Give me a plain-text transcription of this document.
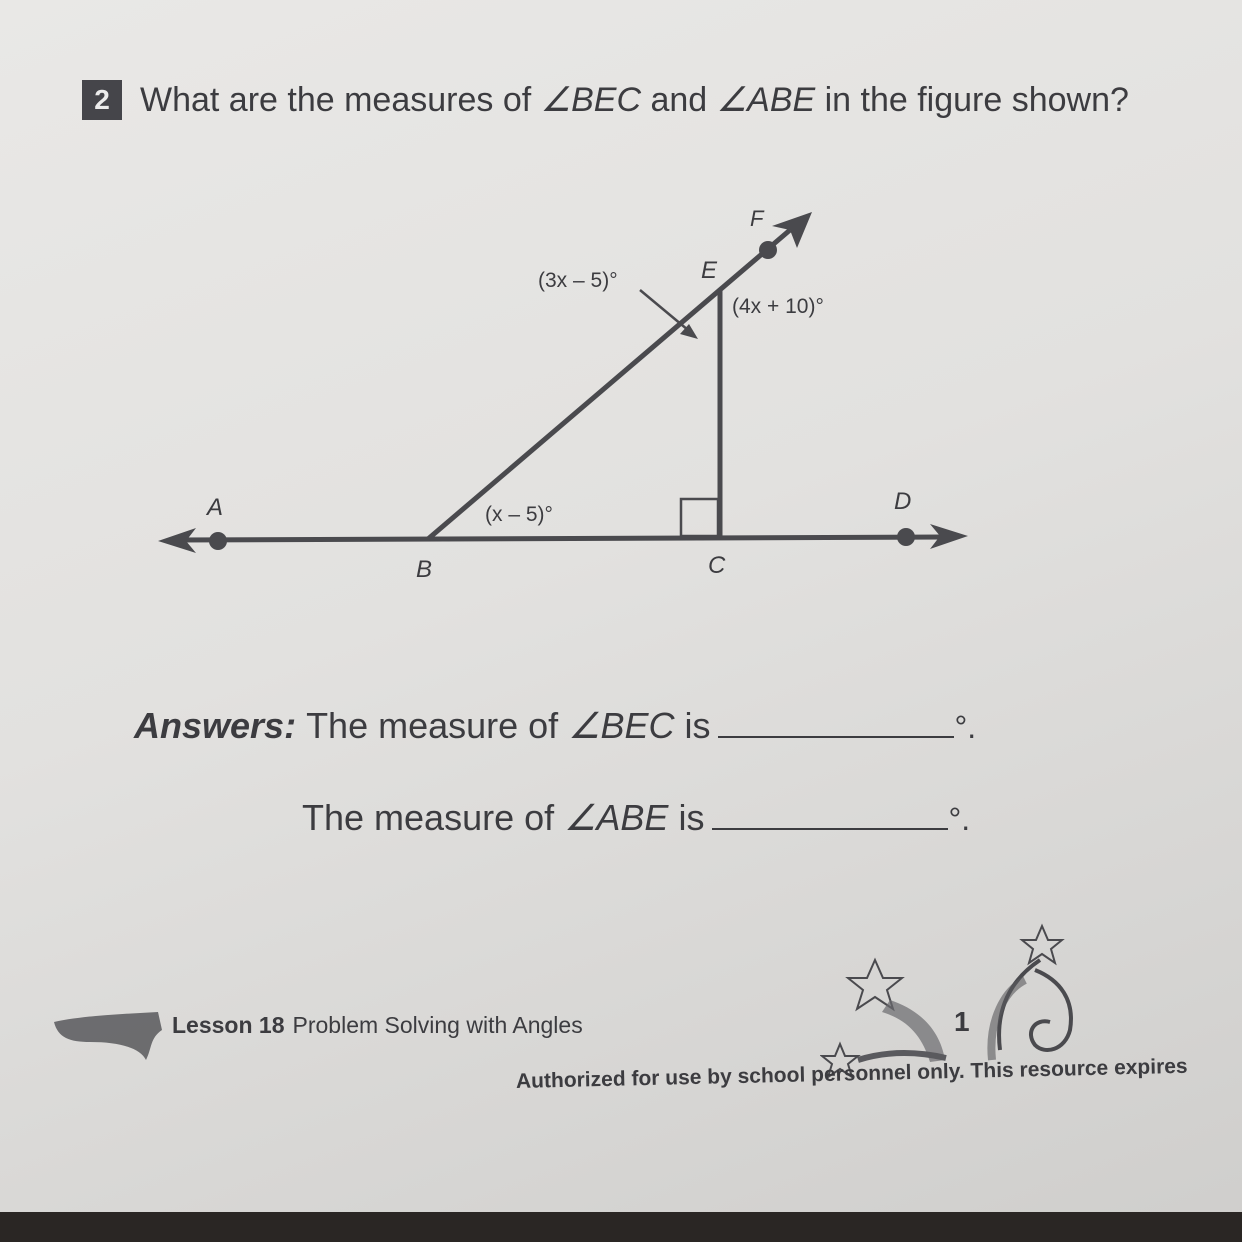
2 What are the measures of ∠BEC and ∠ABE in the figure shown?
A
B	C
D
E
F
(3x – 5)°
(4x + 10)°
(x – 5)°
Answers: The measure of ∠BEC is	°.
The measure of ∠ABE is	°.
Lesson 18 Problem Solving with Angles	1
Authorized for use by school personnel only. This resource expires
